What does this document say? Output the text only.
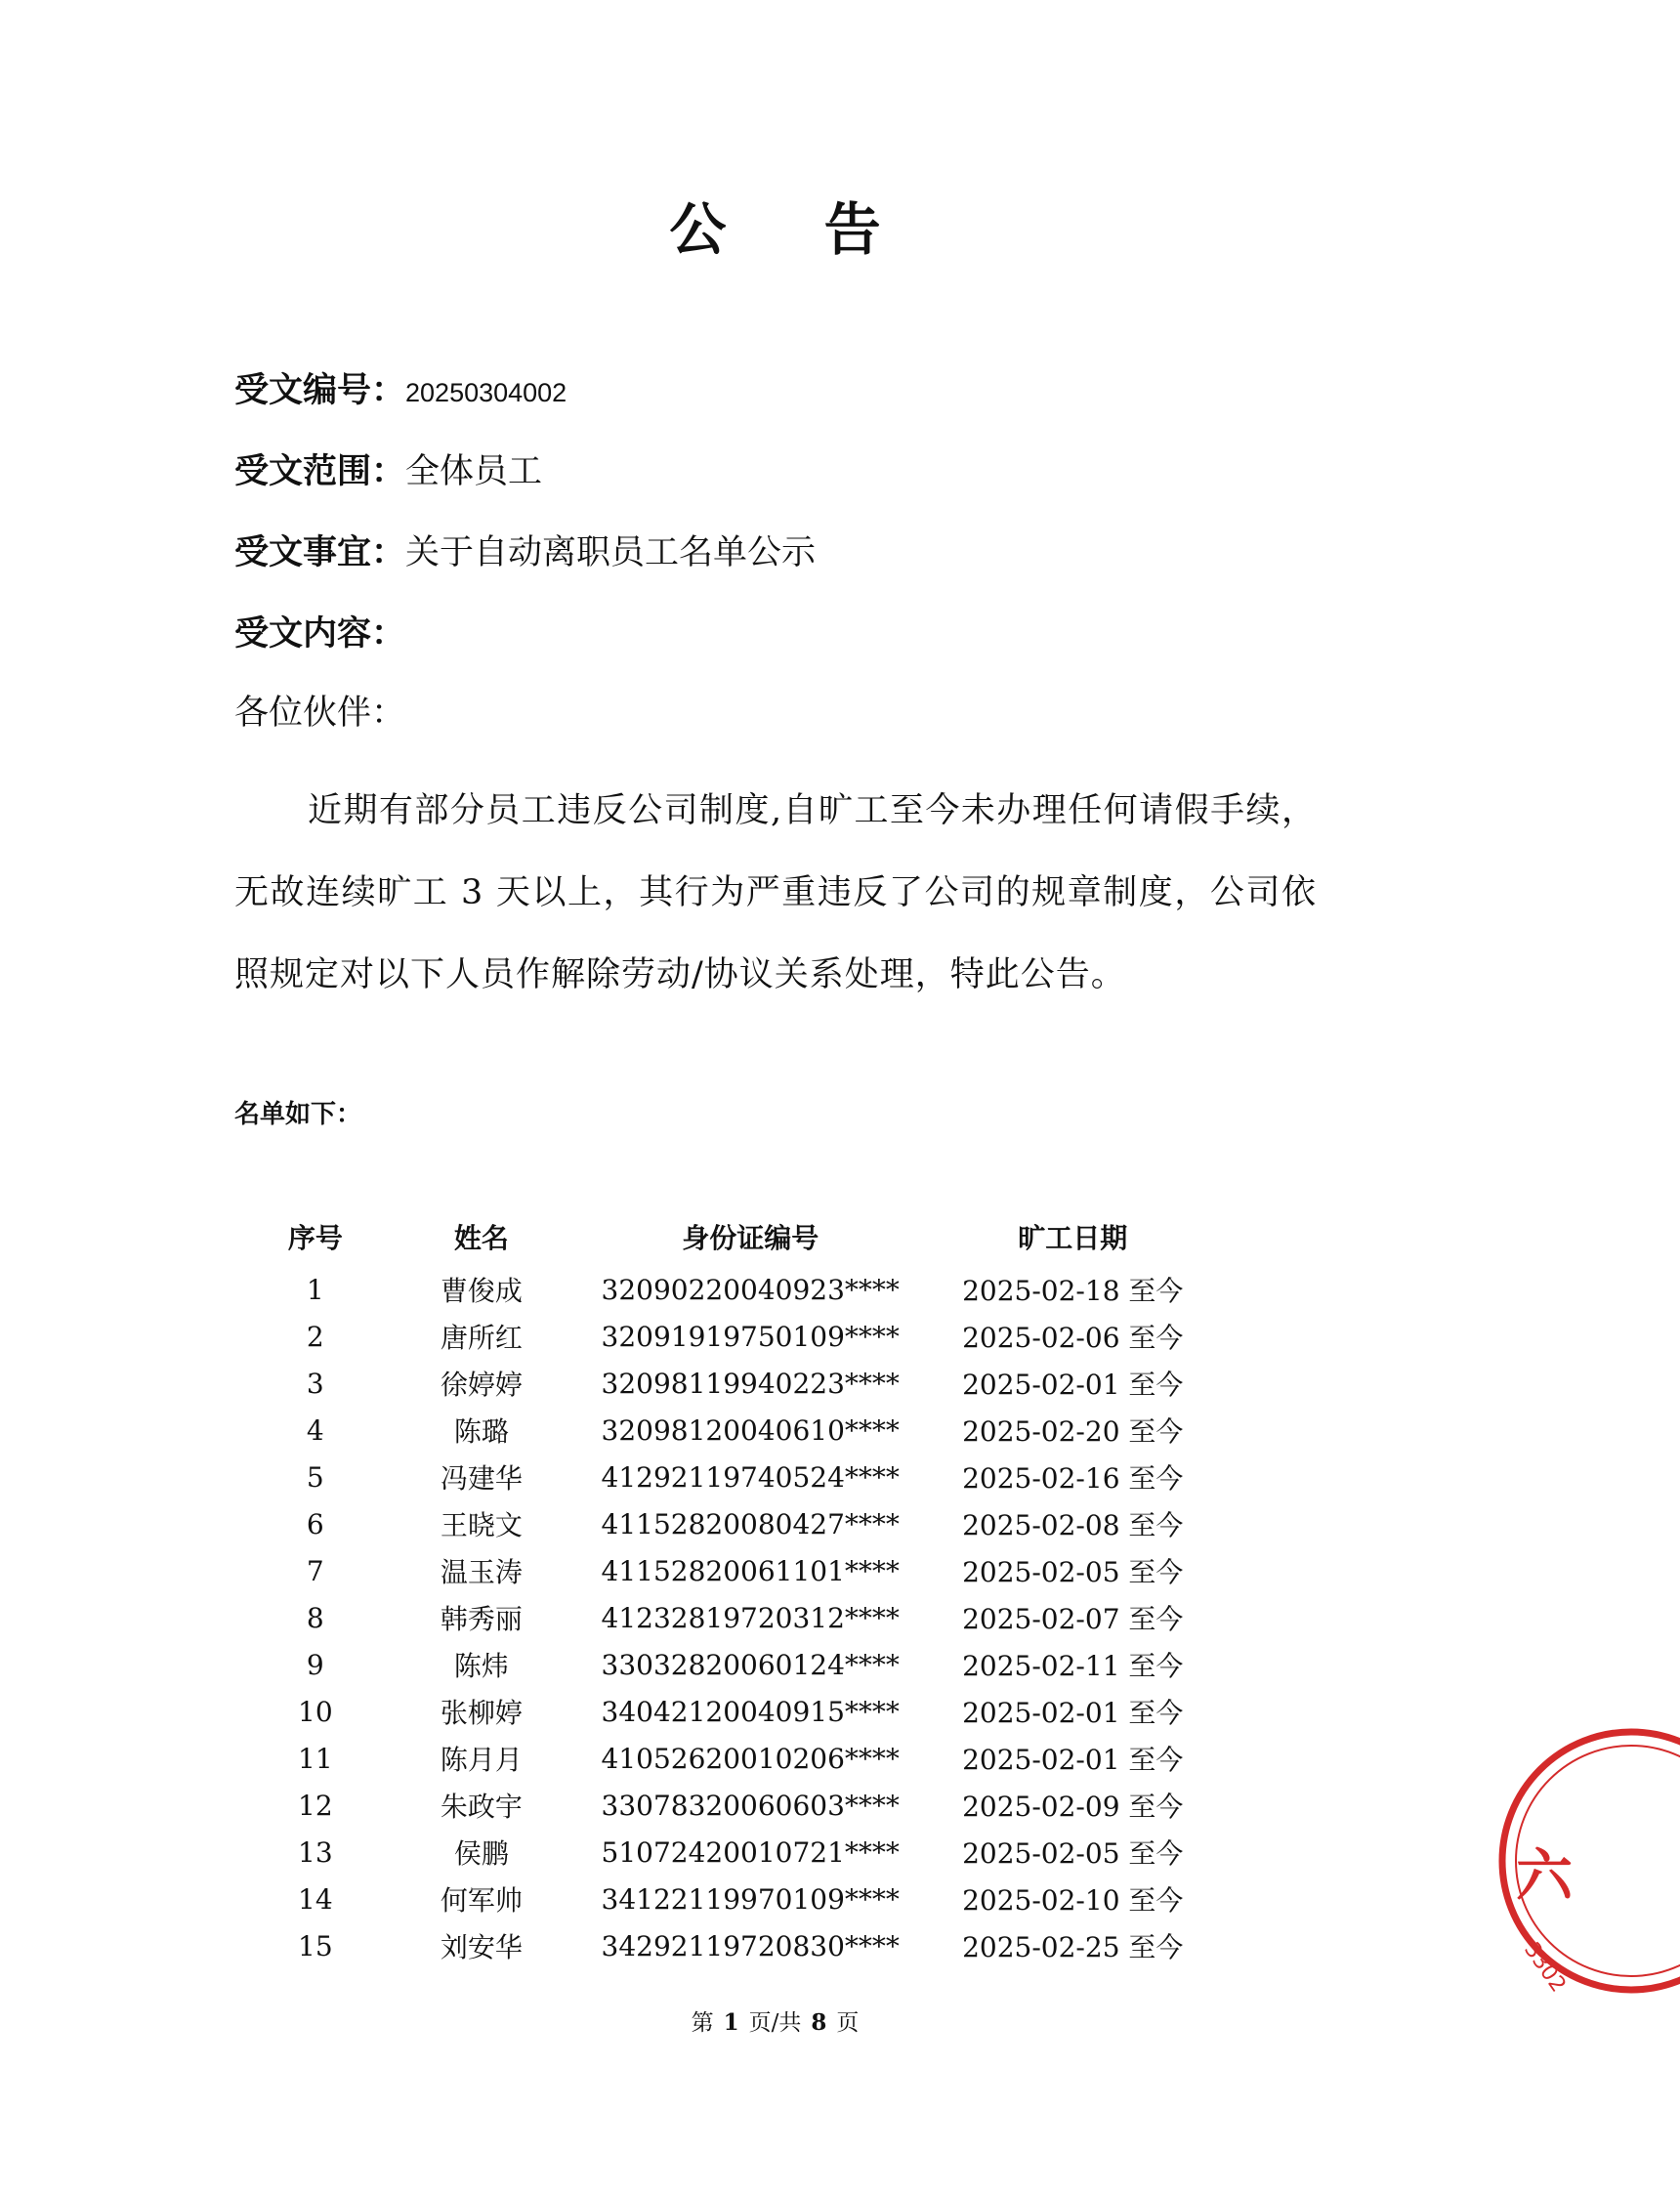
公 告
受文编号：20250304002
受文范围：全体员工
受文事宜：关于自动离职员工名单公示
受文内容：
各位伙伴：
近期有部分员工违反公司制度,自旷工至今未办理任何请假手续，无故连续旷工 3 天以上，其行为严重违反了公司的规章制度，公司依照规定对以下人员作解除劳动/协议关系处理，特此公告。
名单如下：
序号	姓名	身份证编号	旷工日期
1	曹俊成	32090220040923****	2025-02-18 至今
2	唐所红	32091919750109****	2025-02-06 至今
3	徐婷婷	32098119940223****	2025-02-01 至今
4	陈璐	32098120040610****	2025-02-20 至今
5	冯建华	41292119740524****	2025-02-16 至今
6	王晓文	41152820080427****	2025-02-08 至今
7	温玉涛	41152820061101****	2025-02-05 至今
8	韩秀丽	41232819720312****	2025-02-07 至今
9	陈炜	33032820060124****	2025-02-11 至今
10	张柳婷	34042120040915****	2025-02-01 至今
11	陈月月	41052620010206****	2025-02-01 至今
12	朱政宇	33078320060603****	2025-02-09 至今
13	侯鹏	51072420010721****	2025-02-05 至今
14	何军帅	34122119970109****	2025-02-10 至今
15	刘安华	34292119720830****	2025-02-25 至今
第 1 页/共 8 页
六
3302
